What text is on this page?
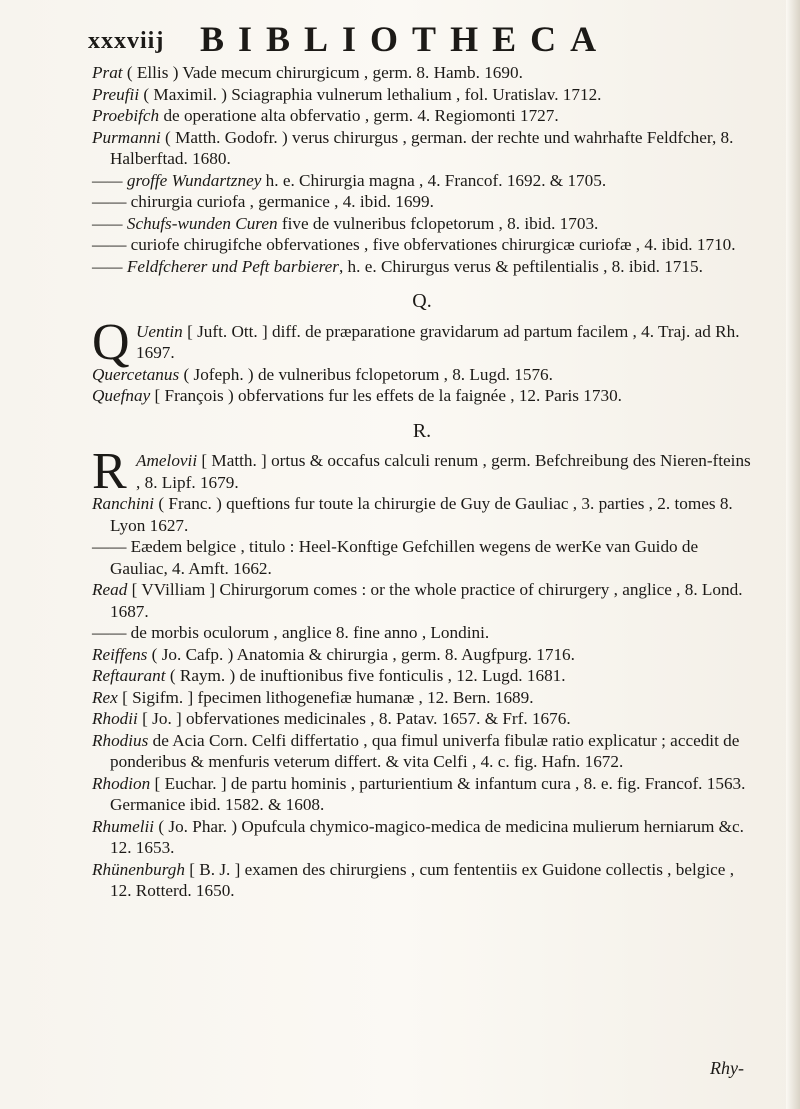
xxxviij BIBLIOTHECA

Prat ( Ellis ) Vade mecum chirurgicum , germ. 8. Hamb. 1690.

Preufii ( Maximil. ) Sciagraphia vulnerum lethalium , fol. Uratislav. 1712.

Proebifch de operatione alta obfervatio , germ. 4. Regiomonti 1727.

Purmanni ( Matth. Godofr. ) verus chirurgus , german. der rechte und wahrhafte Feldfcher, 8. Halberftad. 1680.

—— groffe Wundartzney h. e. Chirurgia magna , 4. Francof. 1692. & 1705.

—— chirurgia curiofa , germanice , 4. ibid. 1699.

—— Schufs-wunden Curen five de vulneribus fclopetorum , 8. ibid. 1703.

—— curiofe chirugifche obfervationes , five obfervationes chirurgicæ curiofæ , 4. ibid. 1710.

—— Feldfcherer und Peft barbierer, h. e. Chirurgus verus & peftilentialis , 8. ibid. 1715.

Q.
Q Uentin [ Juft. Ott. ] diff. de præparatione gravidarum ad partum facilem , 4. Traj. ad Rh. 1697.

Quercetanus ( Jofeph. ) de vulneribus fclopetorum , 8. Lugd. 1576.

Quefnay [ François ) obfervations fur les effets de la faignée , 12. Paris 1730.

R.
R Amelovii [ Matth. ] ortus & occafus calculi renum , germ. Befchreibung des Nieren-fteins , 8. Lipf. 1679.

Ranchini ( Franc. ) queftions fur toute la chirurgie de Guy de Gauliac , 3. parties , 2. tomes 8. Lyon 1627.

—— Eædem belgice , titulo : Heel-Konftige Gefchillen wegens de werKe van Guido de Gauliac, 4. Amft. 1662.

Read [ VVilliam ] Chirurgorum comes : or the whole practice of chirurgery , anglice , 8. Lond. 1687.

—— de morbis oculorum , anglice 8. fine anno , Londini.

Reiffens ( Jo. Cafp. ) Anatomia & chirurgia , germ. 8. Augfpurg. 1716.

Reftaurant ( Raym. ) de inuftionibus five fonticulis , 12. Lugd. 1681.

Rex [ Sigifm. ] fpecimen lithogenefiæ humanæ , 12. Bern. 1689.

Rhodii [ Jo. ] obfervationes medicinales , 8. Patav. 1657. & Frf. 1676.

Rhodius de Acia Corn. Celfi differtatio , qua fimul univerfa fibulæ ratio explicatur ; accedit de ponderibus & menfuris veterum differt. & vita Celfi , 4. c. fig. Hafn. 1672.

Rhodion [ Euchar. ] de partu hominis , parturientium & infantum cura , 8. e. fig. Francof. 1563. Germanice ibid. 1582. & 1608.

Rhumelii ( Jo. Phar. ) Opufcula chymico-magico-medica de medicina mulierum herniarum &c. 12. 1653.

Rhünenburgh [ B. J. ] examen des chirurgiens , cum fententiis ex Guidone collectis , belgice , 12. Rotterd. 1650.

Rhy-
